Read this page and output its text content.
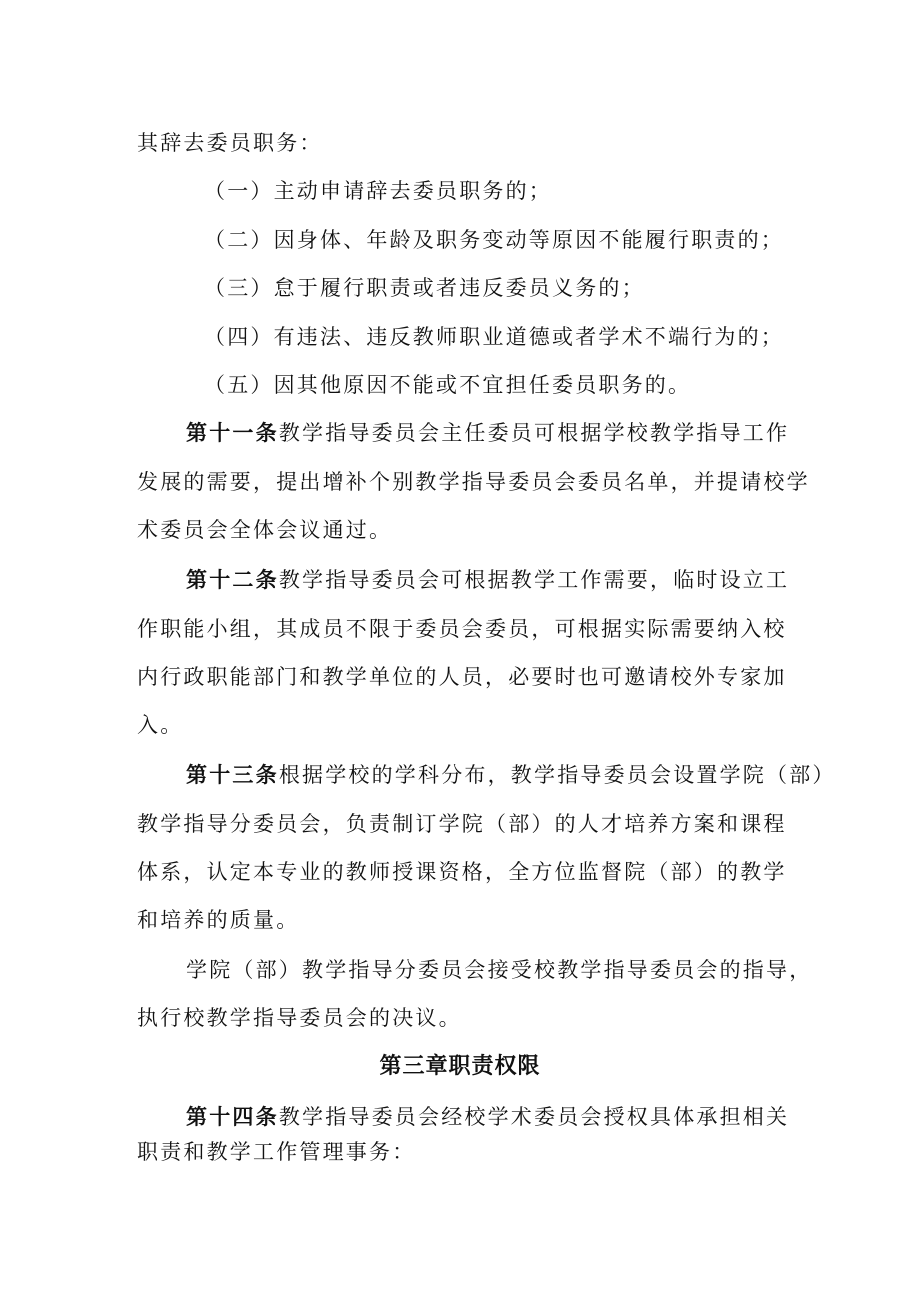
其辞去委员职务：
（一）主动申请辞去委员职务的；
（二）因身体、年龄及职务变动等原因不能履行职责的；
（三）怠于履行职责或者违反委员义务的；
（四）有违法、违反教师职业道德或者学术不端行为的；
（五）因其他原因不能或不宜担任委员职务的。
第十一条教学指导委员会主任委员可根据学校教学指导工作
发展的需要，提出增补个别教学指导委员会委员名单，并提请校学
术委员会全体会议通过。
第十二条教学指导委员会可根据教学工作需要，临时设立工
作职能小组，其成员不限于委员会委员，可根据实际需要纳入校
内行政职能部门和教学单位的人员，必要时也可邀请校外专家加
入。
第十三条根据学校的学科分布，教学指导委员会设置学院（部）
教学指导分委员会，负责制订学院（部）的人才培养方案和课程
体系，认定本专业的教师授课资格，全方位监督院（部）的教学
和培养的质量。
学院（部）教学指导分委员会接受校教学指导委员会的指导，
执行校教学指导委员会的决议。
第三章职责权限
第十四条教学指导委员会经校学术委员会授权具体承担相关
职责和教学工作管理事务：
